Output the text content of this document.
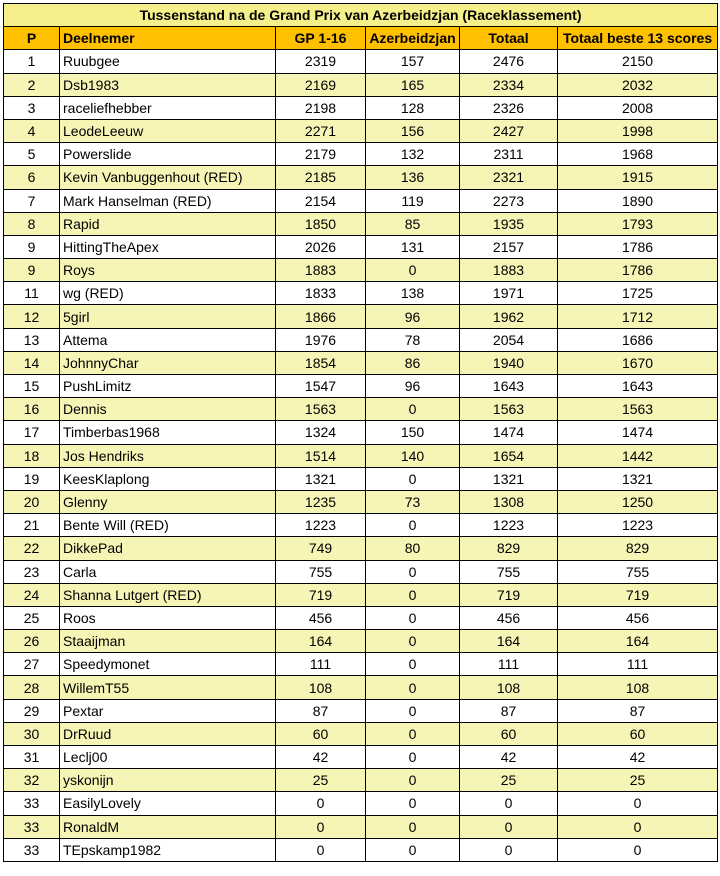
Tussenstand na de Grand Prix van Azerbeidzjan (Raceklassement)					
P	Deelnemer	GP 1-16	Azerbeidzjan	Totaal	Totaal beste 13 scores
1	Ruubgee	2319	157	2476	2150
2	Dsb1983	2169	165	2334	2032
3	raceliefhebber	2198	128	2326	2008
4	LeodeLeeuw	2271	156	2427	1998
5	Powerslide	2179	132	2311	1968
6	Kevin Vanbuggenhout (RED)	2185	136	2321	1915
7	Mark Hanselman (RED)	2154	119	2273	1890
8	Rapid	1850	85	1935	1793
9	HittingTheApex	2026	131	2157	1786
9	Roys	1883	0	1883	1786
11	wg (RED)	1833	138	1971	1725
12	5girl	1866	96	1962	1712
13	Attema	1976	78	2054	1686
14	JohnnyChar	1854	86	1940	1670
15	PushLimitz	1547	96	1643	1643
16	Dennis	1563	0	1563	1563
17	Timberbas1968	1324	150	1474	1474
18	Jos Hendriks	1514	140	1654	1442
19	KeesKlaplong	1321	0	1321	1321
20	Glenny	1235	73	1308	1250
21	Bente Will (RED)	1223	0	1223	1223
22	DikkePad	749	80	829	829
23	Carla	755	0	755	755
24	Shanna Lutgert (RED)	719	0	719	719
25	Roos	456	0	456	456
26	Staaijman	164	0	164	164
27	Speedymonet	111	0	111	111
28	WillemT55	108	0	108	108
29	Pextar	87	0	87	87
30	DrRuud	60	0	60	60
31	Leclj00	42	0	42	42
32	yskonijn	25	0	25	25
33	EasilyLovely	0	0	0	0
33	RonaldM	0	0	0	0
33	TEpskamp1982	0	0	0	0
